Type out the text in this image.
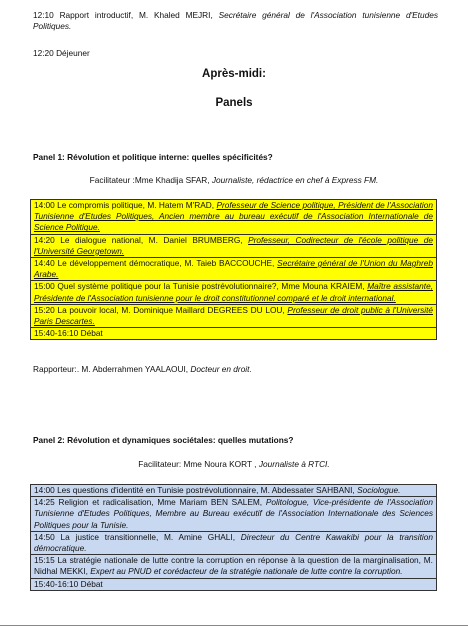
12:10 Rapport introductif, M. Khaled MEJRI, Secrétaire général de l'Association tunisienne d'Etudes Politiques.
12:20 Déjeuner
Après-midi:
Panels
Panel 1: Révolution et politique interne: quelles spécificités?
Facilitateur :Mme Khadija SFAR, Journaliste, rédactrice en chef à Express FM.
14:00 Le compromis politique, M. Hatem M'RAD, Professeur de Science politique, Président de l'Association Tunisienne d'Etudes Politiques, Ancien membre au bureau exécutif de l'Association Internationale de Science Politique.
14:20 Le dialogue national, M. Daniel BRUMBERG, Professeur, Codirecteur de l'école politique de l'Université Georgetown.
14:40 Le développement démocratique, M. Taieb BACCOUCHE, Secrétaire général de l'Union du Maghreb Arabe.
15:00 Quel système politique pour la Tunisie postrévolutionnaire?, Mme Mouna KRAIEM, Maître assistante, Présidente de l'Association tunisienne pour le droit constitutionnel comparé et le droit international.
15:20 La pouvoir local, M. Dominique Maillard DEGREES DU LOU, Professeur de droit public à l'Université Paris Descartes.
15:40-16:10 Débat
Rapporteur:. M. Abderrahmen YAALAOUI, Docteur en droit.
Panel 2: Révolution et dynamiques sociétales: quelles mutations?
Facilitateur: Mme Noura KORT , Journaliste à RTCI.
14:00 Les questions d'identité en Tunisie postrévolutionnaire, M. Abdessater SAHBANI, Sociologue.
14:25 Religion et radicalisation, Mme Mariam BEN SALEM, Politologue, Vice-présidente de l'Association Tunisienne d'Etudes Politiques, Membre au Bureau exécutif de l'Association Internationale des Sciences Politiques pour la Tunisie.
14:50 La justice transitionnelle, M. Amine GHALI, Directeur du Centre Kawakibi pour la transition démocratique.
15:15 La stratégie nationale de lutte contre la corruption en réponse à la question de la marginalisation, M. Nidhal MEKKI, Expert au PNUD et corédacteur de la stratégie nationale de lutte contre la corruption.
15:40-16:10 Débat
